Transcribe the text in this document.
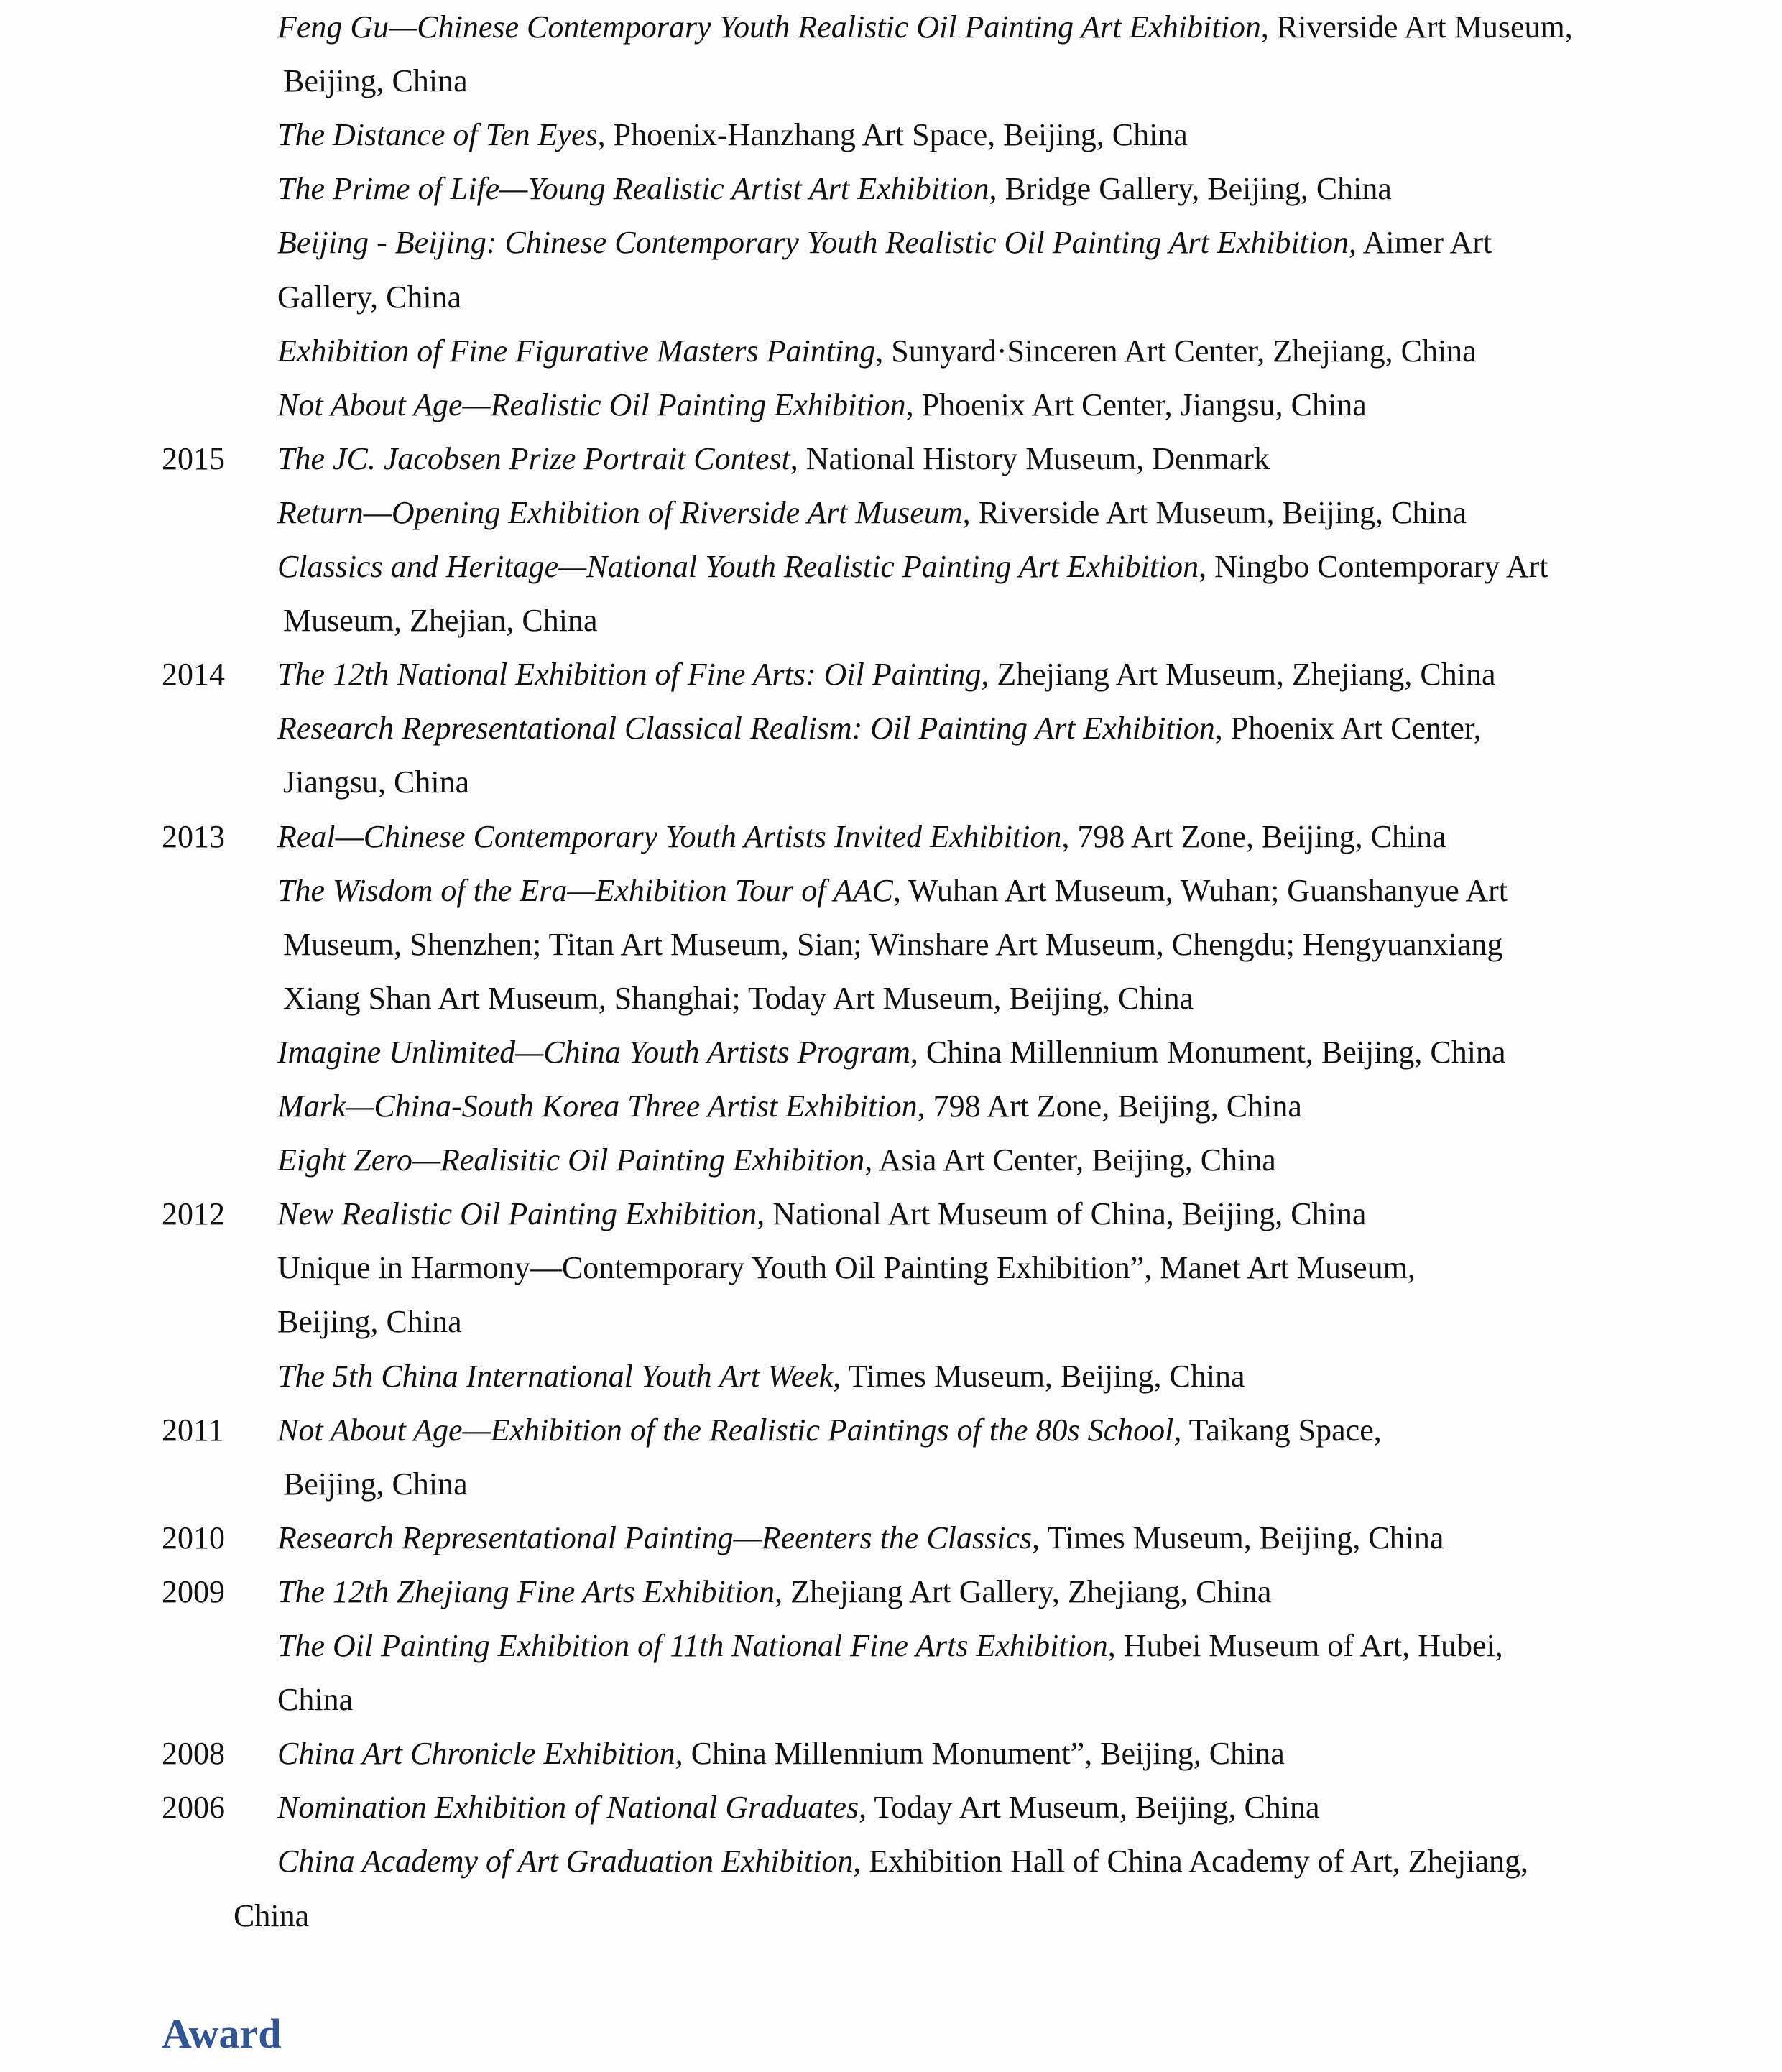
Feng Gu—Chinese Contemporary Youth Realistic Oil Painting Art Exhibition, Riverside Art Museum,
Beijing, China
The Distance of Ten Eyes, Phoenix-Hanzhang Art Space, Beijing, China
The Prime of Life—Young Realistic Artist Art Exhibition, Bridge Gallery, Beijing, China
Beijing - Beijing: Chinese Contemporary Youth Realistic Oil Painting Art Exhibition, Aimer Art
Gallery, China
Exhibition of Fine Figurative Masters Painting, Sunyard·Sinceren Art Center, Zhejiang, China
Not About Age—Realistic Oil Painting Exhibition, Phoenix Art Center, Jiangsu, China
2015 The JC. Jacobsen Prize Portrait Contest, National History Museum, Denmark
Return—Opening Exhibition of Riverside Art Museum, Riverside Art Museum, Beijing, China
Classics and Heritage—National Youth Realistic Painting Art Exhibition, Ningbo Contemporary Art
Museum, Zhejian, China
2014 The 12th National Exhibition of Fine Arts: Oil Painting, Zhejiang Art Museum, Zhejiang, China
Research Representational Classical Realism: Oil Painting Art Exhibition, Phoenix Art Center,
Jiangsu, China
2013 Real—Chinese Contemporary Youth Artists Invited Exhibition, 798 Art Zone, Beijing, China
The Wisdom of the Era—Exhibition Tour of AAC, Wuhan Art Museum, Wuhan; Guanshanyue Art
Museum, Shenzhen; Titan Art Museum, Sian; Winshare Art Museum, Chengdu; Hengyuanxiang
Xiang Shan Art Museum, Shanghai; Today Art Museum, Beijing, China
Imagine Unlimited—China Youth Artists Program, China Millennium Monument, Beijing, China
Mark—China-South Korea Three Artist Exhibition, 798 Art Zone, Beijing, China
Eight Zero—Realisitic Oil Painting Exhibition, Asia Art Center, Beijing, China
2012 New Realistic Oil Painting Exhibition, National Art Museum of China, Beijing, China
Unique in Harmony—Contemporary Youth Oil Painting Exhibition”, Manet Art Museum,
Beijing, China
The 5th China International Youth Art Week, Times Museum, Beijing, China
2011 Not About Age—Exhibition of the Realistic Paintings of the 80s School, Taikang Space,
Beijing, China
2010 Research Representational Painting—Reenters the Classics, Times Museum, Beijing, China
2009 The 12th Zhejiang Fine Arts Exhibition, Zhejiang Art Gallery, Zhejiang, China
The Oil Painting Exhibition of 11th National Fine Arts Exhibition, Hubei Museum of Art, Hubei,
China
2008 China Art Chronicle Exhibition, China Millennium Monument”, Beijing, China
2006 Nomination Exhibition of National Graduates, Today Art Museum, Beijing, China
China Academy of Art Graduation Exhibition, Exhibition Hall of China Academy of Art, Zhejiang,
China
Award
